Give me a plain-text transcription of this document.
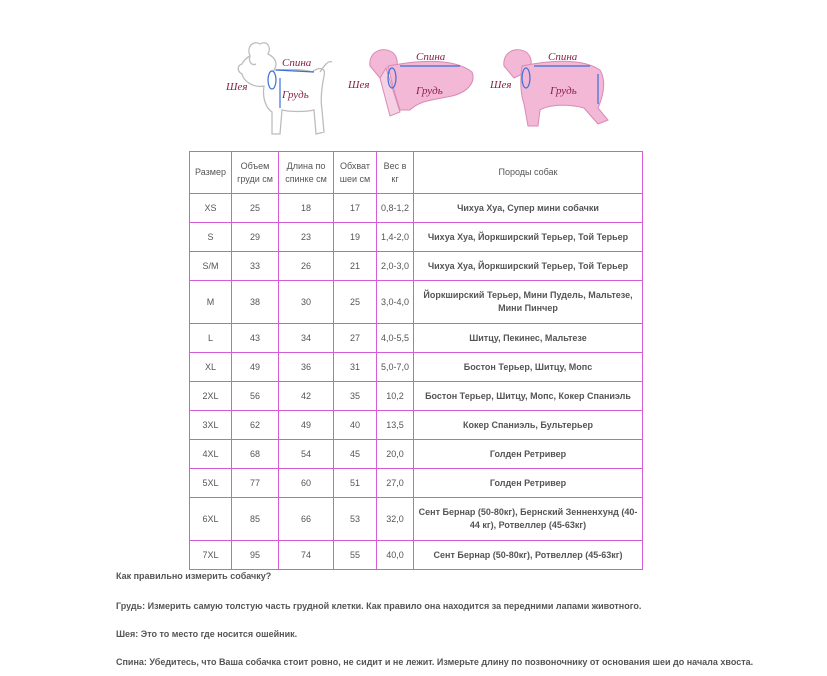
Спина
Шея
Грудь
Спина
Шея	Грудь
Спина
Шея	Грудь
Размер	Объем груди см	Длина по спинке см	Обхват шеи см	Вес в кг	Породы собак
XS	25	18	17	0,8-1,2	Чихуа Хуа, Супер мини собачки
S	29	23	19	1,4-2,0	Чихуа Хуа, Йоркширский Терьер, Той Терьер
S/M	33	26	21	2,0-3,0	Чихуа Хуа, Йоркширский Терьер, Той Терьер
M	38	30	25	3,0-4,0	Йоркширский Терьер, Мини Пудель, Мальтезе, Мини Пинчер
L	43	34	27	4,0-5,5	Шитцу, Пекинес, Мальтезе
XL	49	36	31	5,0-7,0	Бостон Терьер, Шитцу, Мопс
2XL	56	42	35	10,2	Бостон Терьер, Шитцу, Мопс, Кокер Спаниэль
3XL	62	49	40	13,5	Кокер Спаниэль, Бультерьер
4XL	68	54	45	20,0	Голден Ретривер
5XL	77	60	51	27,0	Голден Ретривер
6XL	85	66	53	32,0	Сент Бернар (50-80кг), Бернский Зенненхунд (40-44 кг), Ротвеллер (45-63кг)
7XL	95	74	55	40,0	Сент Бернар (50-80кг), Ротвеллер (45-63кг)

Как правильно измерить собачку?

Грудь: Измерить самую толстую часть грудной клетки. Как правило она находится за передними лапами животного.

Шея: Это то место где носится ошейник.

Спина: Убедитесь, что Ваша собачка стоит ровно, не сидит и не лежит. Измерьте длину по позвоночнику от основания шеи до начала хвоста.
